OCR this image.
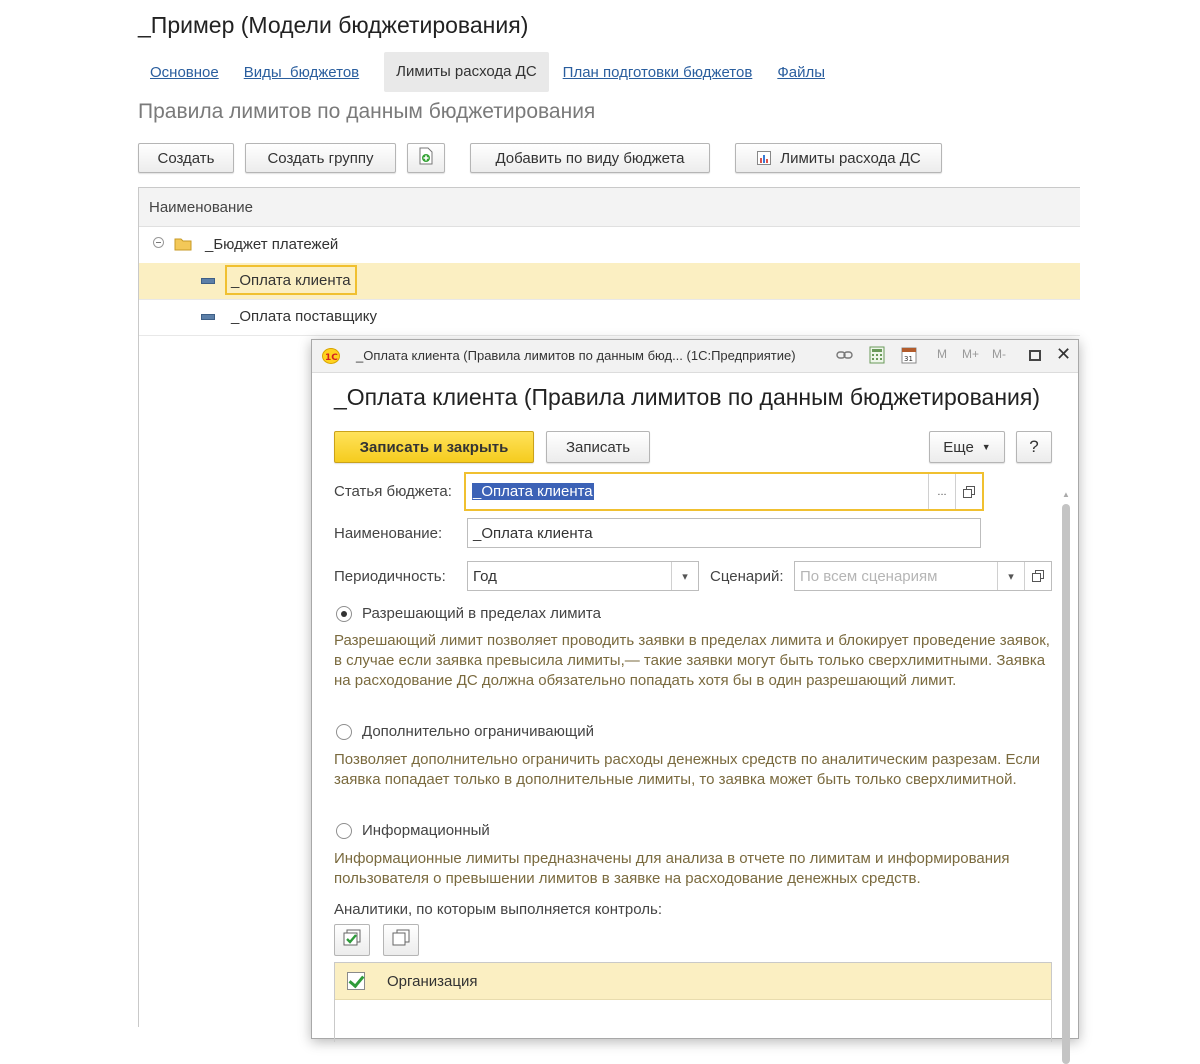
_Пример (Модели бюджетирования)
Основное Виды  бюджетов	Лимиты расхода ДС	План подготовки бюджетов Файлы
Правила лимитов по данным бюджетирования
Создать	Создать группу	Добавить по виду бюджета	Лимиты расхода ДС
Наименование
_Бюджет платежей
_Оплата клиента
_Оплата поставщику
1С _Оплата клиента (Правила лимитов по данным бюд... (1С:Предприятие)	31 M M+ M-	✕
_Оплата клиента (Правила лимитов по данным бюджетирования)
Записать и закрыть	Записать	Еще ▼ ?
Статья бюджета:	_Оплата клиента	...
Наименование:	_Оплата клиента
Периодичность:	Год	▾	Сценарий:	По всем сценариям	▾
Разрешающий в пределах лимита
Разрешающий лимит позволяет проводить заявки в пределах лимита и блокирует проведение заявок, в случае если заявка превысила лимиты,— такие заявки могут быть только сверхлимитными. Заявка на расходование ДС должна обязательно попадать хотя бы в один разрешающий лимит.
Дополнительно ограничивающий
Позволяет дополнительно ограничить расходы денежных средств по аналитическим разрезам. Если заявка попадает только в дополнительные лимиты, то заявка может быть только сверхлимитной.
Информационный
Информационные лимиты предназначены для анализа в отчете по лимитам и информирования пользователя о превышении лимитов в заявке на расходование денежных средств.
Аналитики, по которым выполняется контроль:
Организация
▲
